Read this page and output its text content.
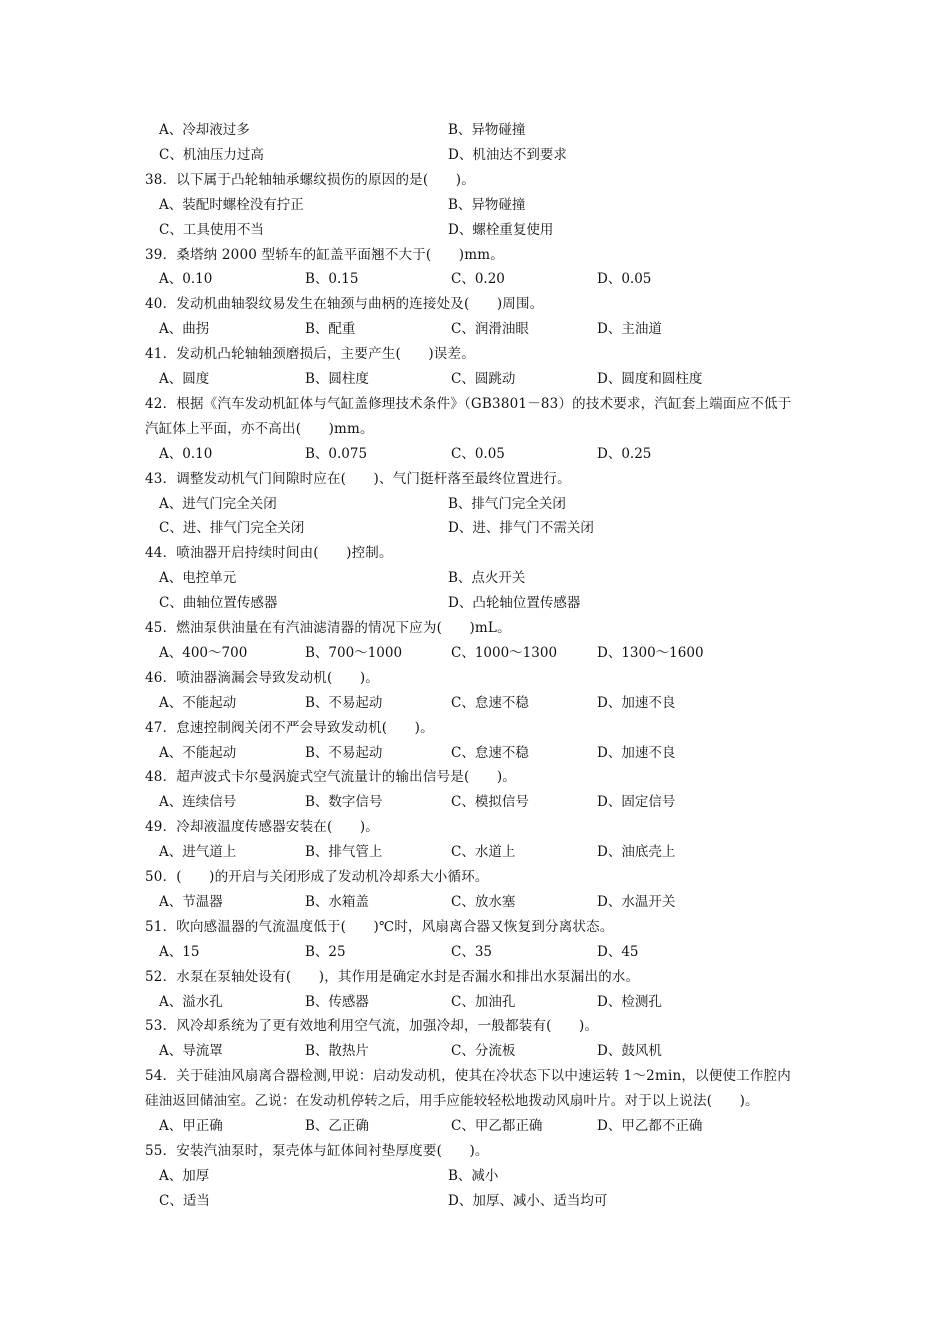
A、冷却液过多	B、异物碰撞
C、机油压力过高	D、机油达不到要求
38．以下属于凸轮轴轴承螺纹损伤的原因的是(　　)。
A、装配时螺栓没有拧正	B、异物碰撞
C、工具使用不当	D、螺栓重复使用
39．桑塔纳 2000 型轿车的缸盖平面翘不大于(　　)mm。
A、0.10	B、0.15	C、0.20	D、0.05
40．发动机曲轴裂纹易发生在轴颈与曲柄的连接处及(　　)周围。
A、曲拐	B、配重	C、润滑油眼	D、主油道
41．发动机凸轮轴轴颈磨损后，主要产生(　　)误差。
A、圆度	B、圆柱度	C、圆跳动	D、圆度和圆柱度
42．根据《汽车发动机缸体与气缸盖修理技术条件》（GB3801－83）的技术要求，汽缸套上端面应不低于
汽缸体上平面，亦不高出(　　)mm。
A、0.10	B、0.075	C、0.05	D、0.25
43．调整发动机气门间隙时应在(　　)、气门挺杆落至最终位置进行。
A、进气门完全关闭	B、排气门完全关闭
C、进、排气门完全关闭	D、进、排气门不需关闭
44．喷油器开启持续时间由(　　)控制。
A、电控单元	B、点火开关
C、曲轴位置传感器	D、凸轮轴位置传感器
45．燃油泵供油量在有汽油滤清器的情况下应为(　　)mL。
A、400～700	B、700～1000	C、1000～1300	D、1300～1600
46．喷油器滴漏会导致发动机(　　)。
A、不能起动	B、不易起动	C、怠速不稳	D、加速不良
47．怠速控制阀关闭不严会导致发动机(　　)。
A、不能起动	B、不易起动	C、怠速不稳	D、加速不良
48．超声波式卡尔曼涡旋式空气流量计的输出信号是(　　)。
A、连续信号	B、数字信号	C、模拟信号	D、固定信号
49．冷却液温度传感器安装在(　　)。
A、进气道上	B、排气管上	C、水道上	D、油底壳上
50．(　　)的开启与关闭形成了发动机冷却系大小循环。
A、节温器	B、水箱盖	C、放水塞	D、水温开关
51．吹向感温器的气流温度低于(　　)℃时，风扇离合器又恢复到分离状态。
A、15	B、25	C、35	D、45
52．水泵在泵轴处设有(　　)，其作用是确定水封是否漏水和排出水泵漏出的水。
A、溢水孔	B、传感器	C、加油孔	D、检测孔
53．风冷却系统为了更有效地利用空气流，加强冷却，一般都装有(　　)。
A、导流罩	B、散热片	C、分流板	D、鼓风机
54．关于硅油风扇离合器检测,甲说：启动发动机，使其在冷状态下以中速运转 1～2min，以便使工作腔内
硅油返回储油室。乙说：在发动机停转之后，用手应能较轻松地拨动风扇叶片。对于以上说法(　　)。
A、甲正确	B、乙正确	C、甲乙都正确	D、甲乙都不正确
55．安装汽油泵时，泵壳体与缸体间衬垫厚度要(　　)。
A、加厚	B、减小
C、适当	D、加厚、减小、适当均可
